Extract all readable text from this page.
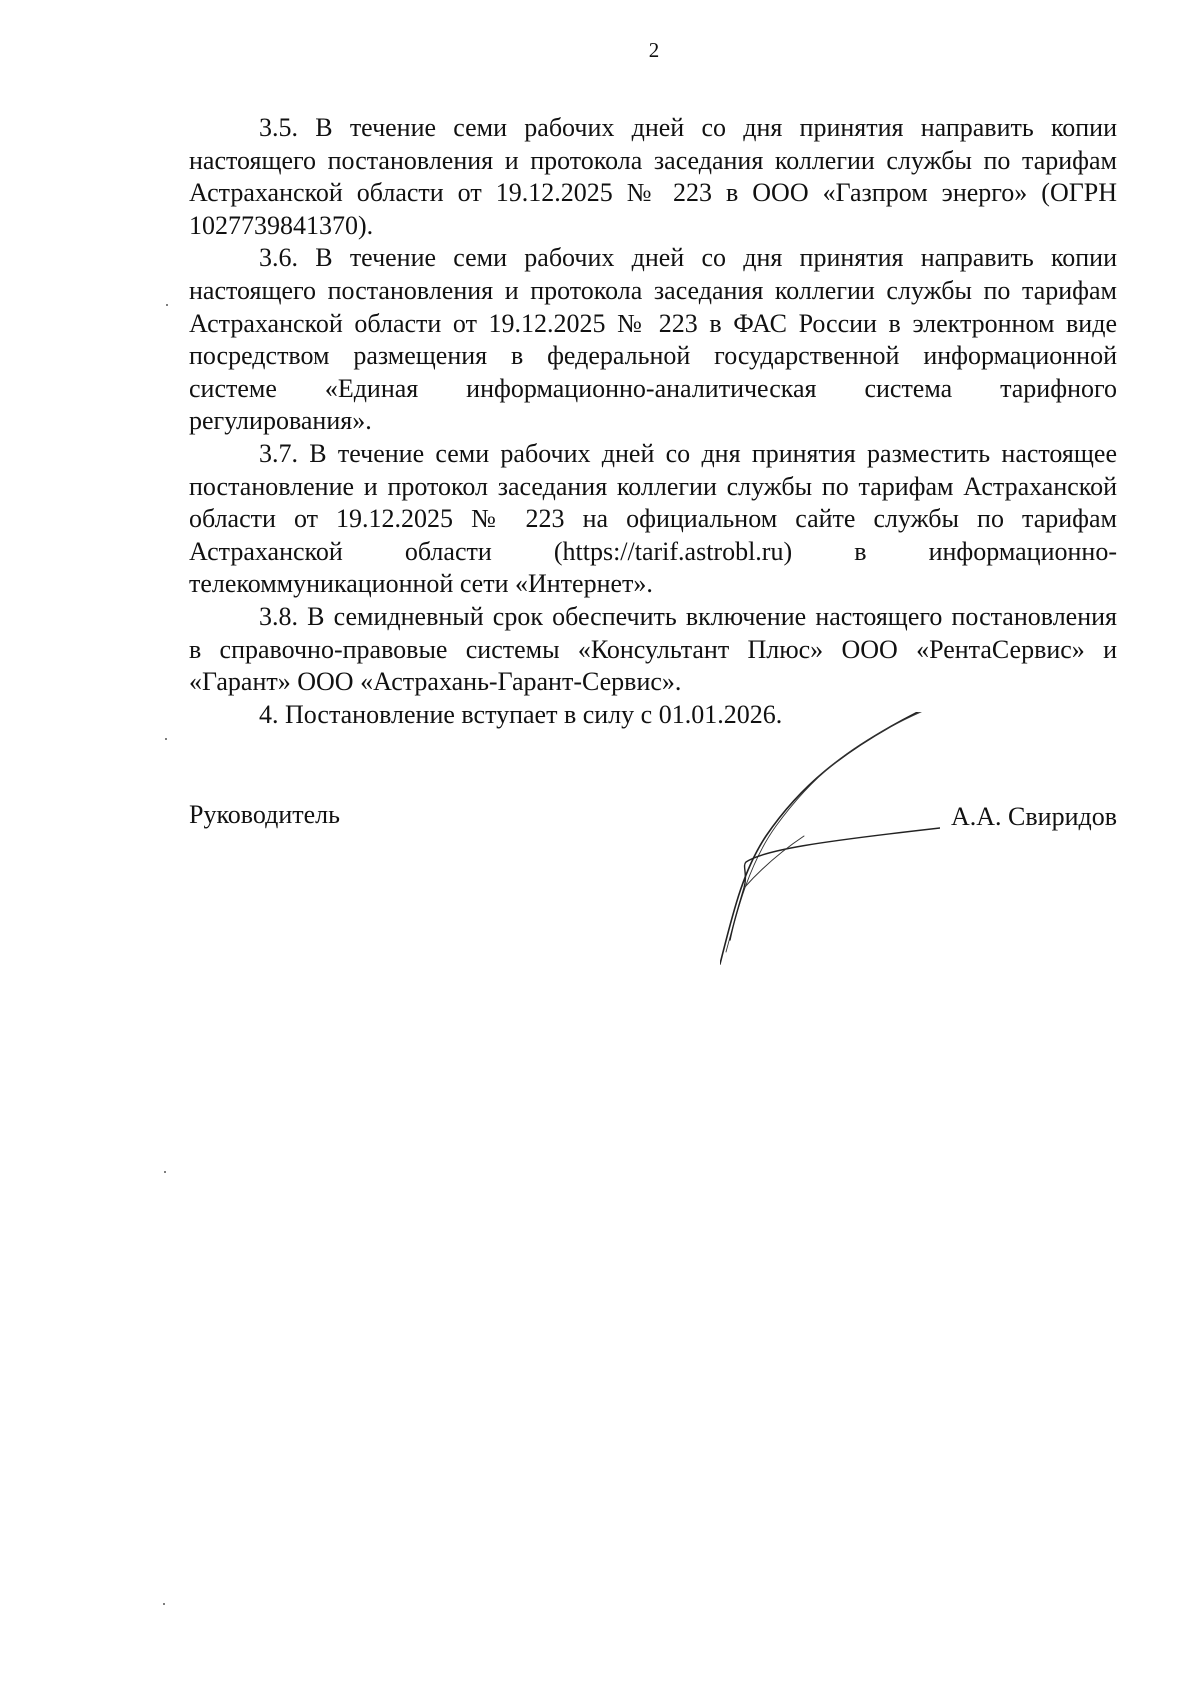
2

3.5. В течение семи рабочих дней со дня принятия направить копии настоящего постановления и протокола заседания коллегии службы по тарифам Астраханской области от 19.12.2025 № 223 в ООО «Газпром энерго» (ОГРН 1027739841370).

3.6. В течение семи рабочих дней со дня принятия направить копии настоящего постановления и протокола заседания коллегии службы по тарифам Астраханской области от 19.12.2025 № 223 в ФАС России в электронном виде посредством размещения в федеральной государственной информационной системе «Единая информационно-аналитическая система тарифного регулирования».

3.7. В течение семи рабочих дней со дня принятия разместить настоящее постановление и протокол заседания коллегии службы по тарифам Астраханской области от 19.12.2025 № 223 на официальном сайте службы по тарифам Астраханской области (https://tarif.astrobl.ru) в информационно-телекоммуникационной сети «Интернет».

3.8. В семидневный срок обеспечить включение настоящего постановления в справочно-правовые системы «Консультант Плюс» ООО «РентаСервис» и «Гарант» ООО «Астрахань-Гарант-Сервис».

4. Постановление вступает в силу с 01.01.2026.

Руководитель	А.А. Свиридов
